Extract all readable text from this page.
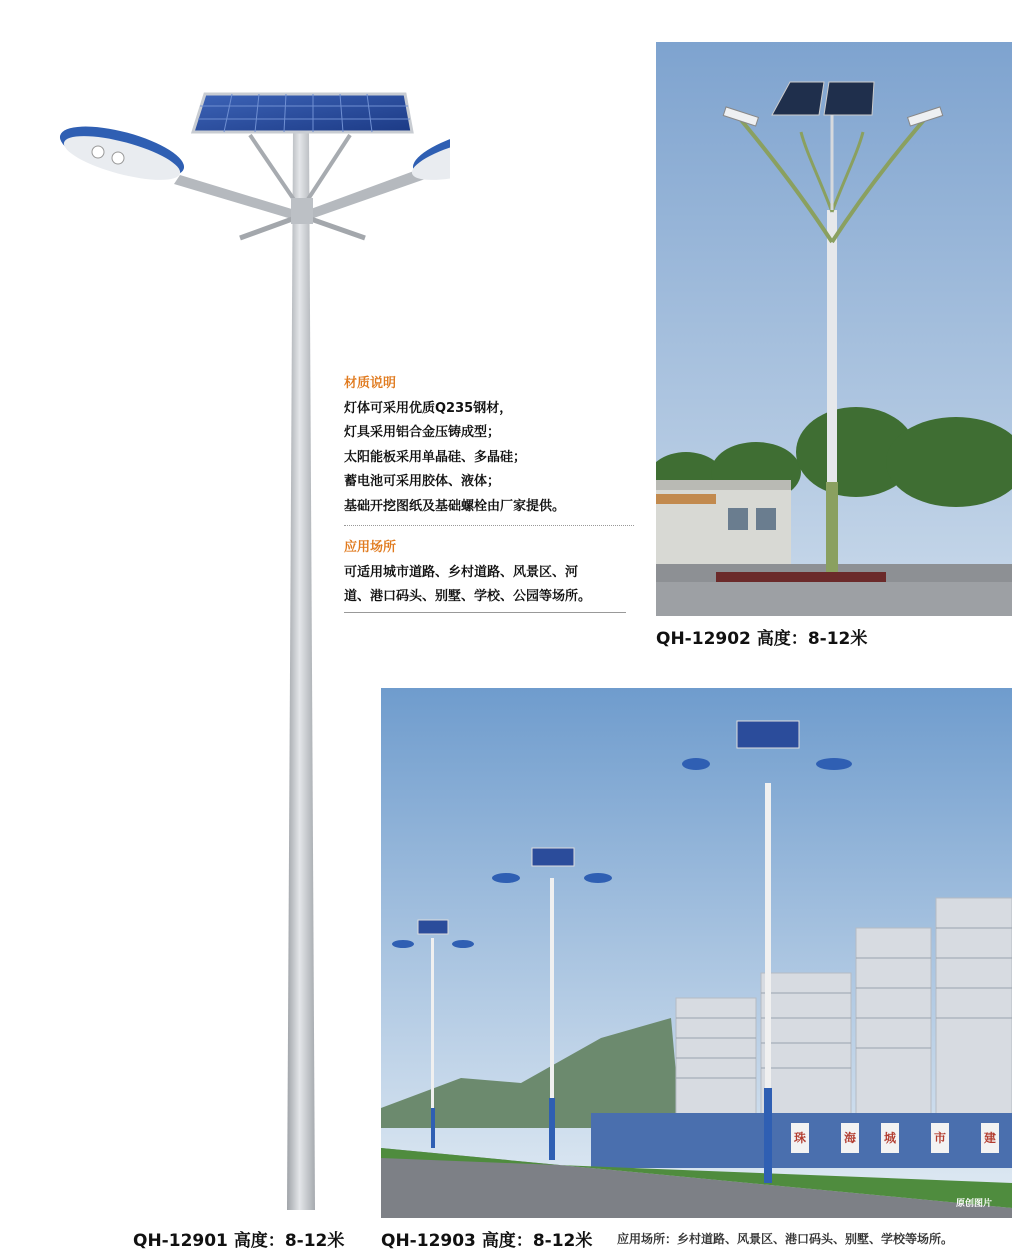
材质说明
灯体可采用优质Q235钢材，
灯具采用铝合金压铸成型；
太阳能板采用单晶硅、多晶硅；
蓄电池可采用胶体、液体；
基础开挖图纸及基础螺栓由厂家提供。
应用场所
可适用城市道路、乡村道路、风景区、河
道、港口码头、别墅、学校、公园等场所。
珠	海 城	市	建
原创图片
QH-12902 高度：8-12米
QH-12901 高度：8-12米 QH-12903 高度：8-12米 应用场所：乡村道路、风景区、港口码头、别墅、学校等场所。
